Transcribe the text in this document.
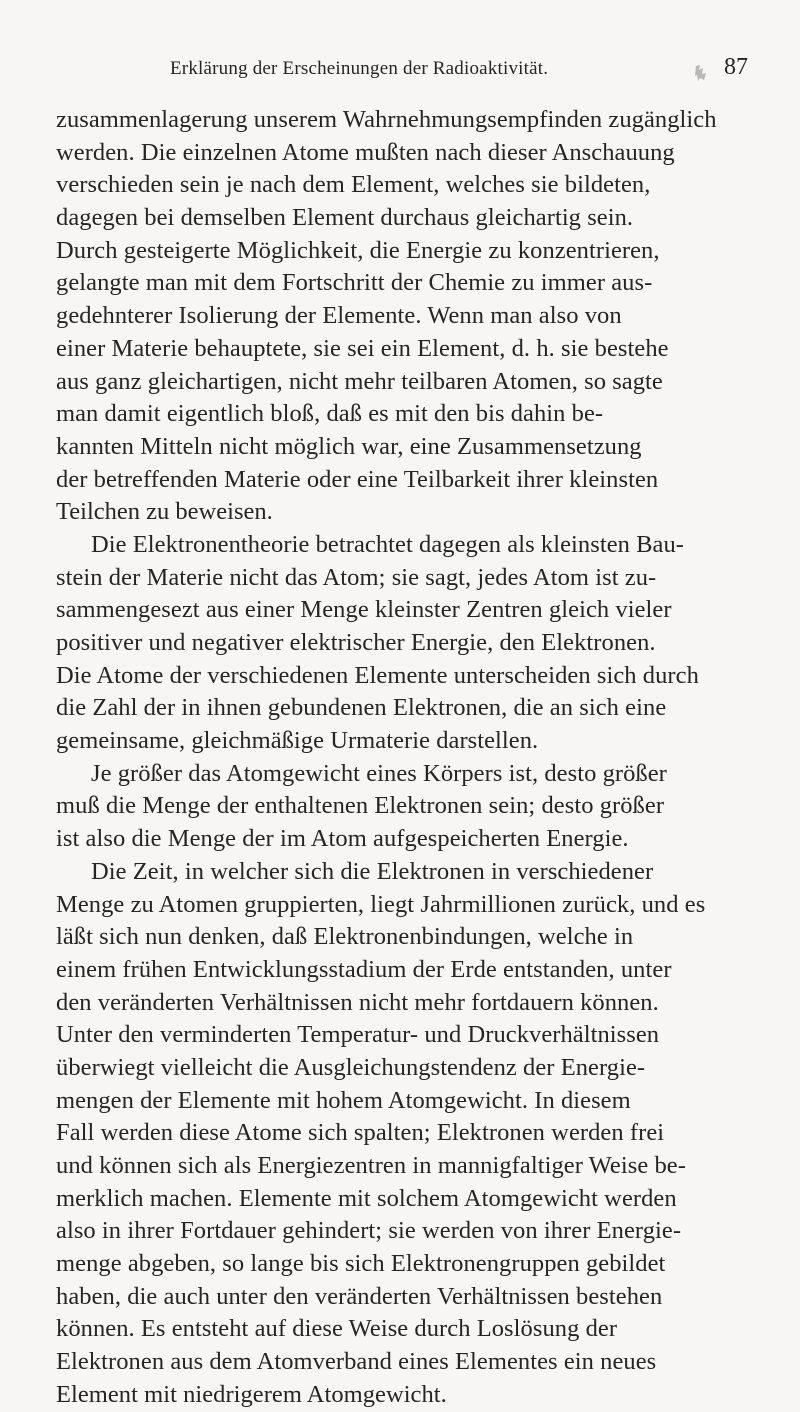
Erklärung der Erscheinungen der Radioaktivität.	87
zusammenlagerung unserem Wahrnehmungsempfinden zugänglich
werden. Die einzelnen Atome mußten nach dieser Anschauung
verschieden sein je nach dem Element, welches sie bildeten,
dagegen bei demselben Element durchaus gleichartig sein.
Durch gesteigerte Möglichkeit, die Energie zu konzentrieren,
gelangte man mit dem Fortschritt der Chemie zu immer aus-
gedehnterer Isolierung der Elemente. Wenn man also von
einer Materie behauptete, sie sei ein Element, d. h. sie bestehe
aus ganz gleichartigen, nicht mehr teilbaren Atomen, so sagte
man damit eigentlich bloß, daß es mit den bis dahin be-
kannten Mitteln nicht möglich war, eine Zusammensetzung
der betreffenden Materie oder eine Teilbarkeit ihrer kleinsten
Teilchen zu beweisen.
Die Elektronentheorie betrachtet dagegen als kleinsten Bau-
stein der Materie nicht das Atom; sie sagt, jedes Atom ist zu-
sammengesezt aus einer Menge kleinster Zentren gleich vieler
positiver und negativer elektrischer Energie, den Elektronen.
Die Atome der verschiedenen Elemente unterscheiden sich durch
die Zahl der in ihnen gebundenen Elektronen, die an sich eine
gemeinsame, gleichmäßige Urmaterie darstellen.
Je größer das Atomgewicht eines Körpers ist, desto größer
muß die Menge der enthaltenen Elektronen sein; desto größer
ist also die Menge der im Atom aufgespeicherten Energie.
Die Zeit, in welcher sich die Elektronen in verschiedener
Menge zu Atomen gruppierten, liegt Jahrmillionen zurück, und es
läßt sich nun denken, daß Elektronenbindungen, welche in
einem frühen Entwicklungsstadium der Erde entstanden, unter
den veränderten Verhältnissen nicht mehr fortdauern können.
Unter den verminderten Temperatur- und Druckverhältnissen
überwiegt vielleicht die Ausgleichungstendenz der Energie-
mengen der Elemente mit hohem Atomgewicht. In diesem
Fall werden diese Atome sich spalten; Elektronen werden frei
und können sich als Energiezentren in mannigfaltiger Weise be-
merklich machen. Elemente mit solchem Atomgewicht werden
also in ihrer Fortdauer gehindert; sie werden von ihrer Energie-
menge abgeben, so lange bis sich Elektronengruppen gebildet
haben, die auch unter den veränderten Verhältnissen bestehen
können. Es entsteht auf diese Weise durch Loslösung der
Elektronen aus dem Atomverband eines Elementes ein neues
Element mit niedrigerem Atomgewicht.
